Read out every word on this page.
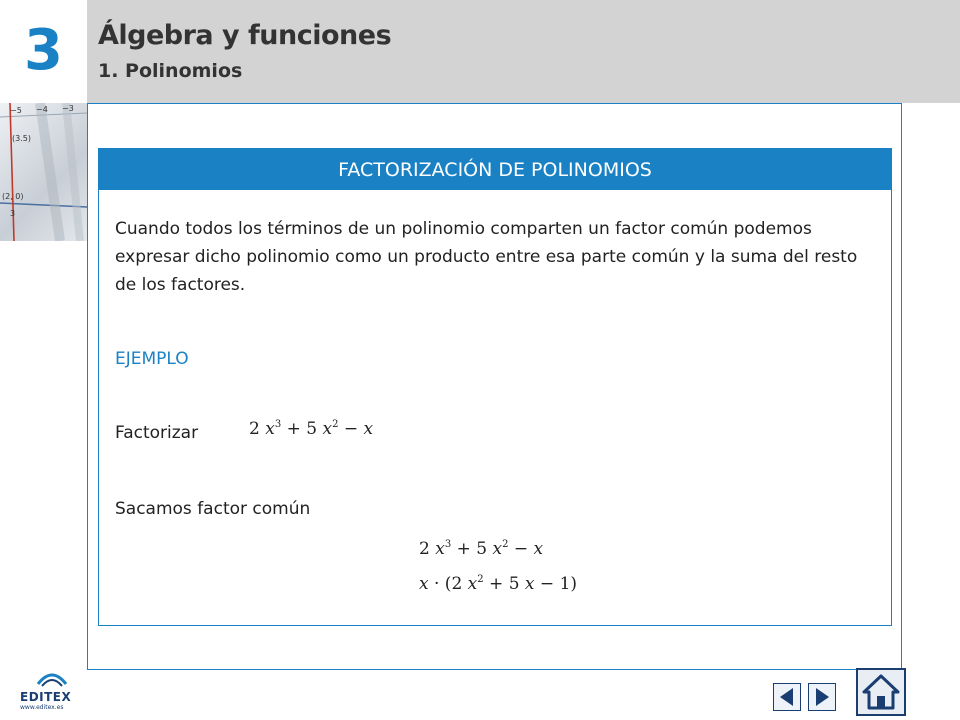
3	Álgebra y funciones
1. Polinomios
−5 −4 −3
(3.5)
(2, 0)
3
FACTORIZACIÓN DE POLINOMIOS
Cuando todos los términos de un polinomio comparten un factor común podemos expresar dicho polinomio como un producto entre esa parte común y la suma del resto de los factores.
EJEMPLO
Factorizar	2 $x^3 + 5$ $x^2 - x$
Sacamos factor común
2 $x^3 + 5$ $x^2 - x$
x · (2 $x^2 + 5$ x − 1)
EDITEX
www.editex.es
